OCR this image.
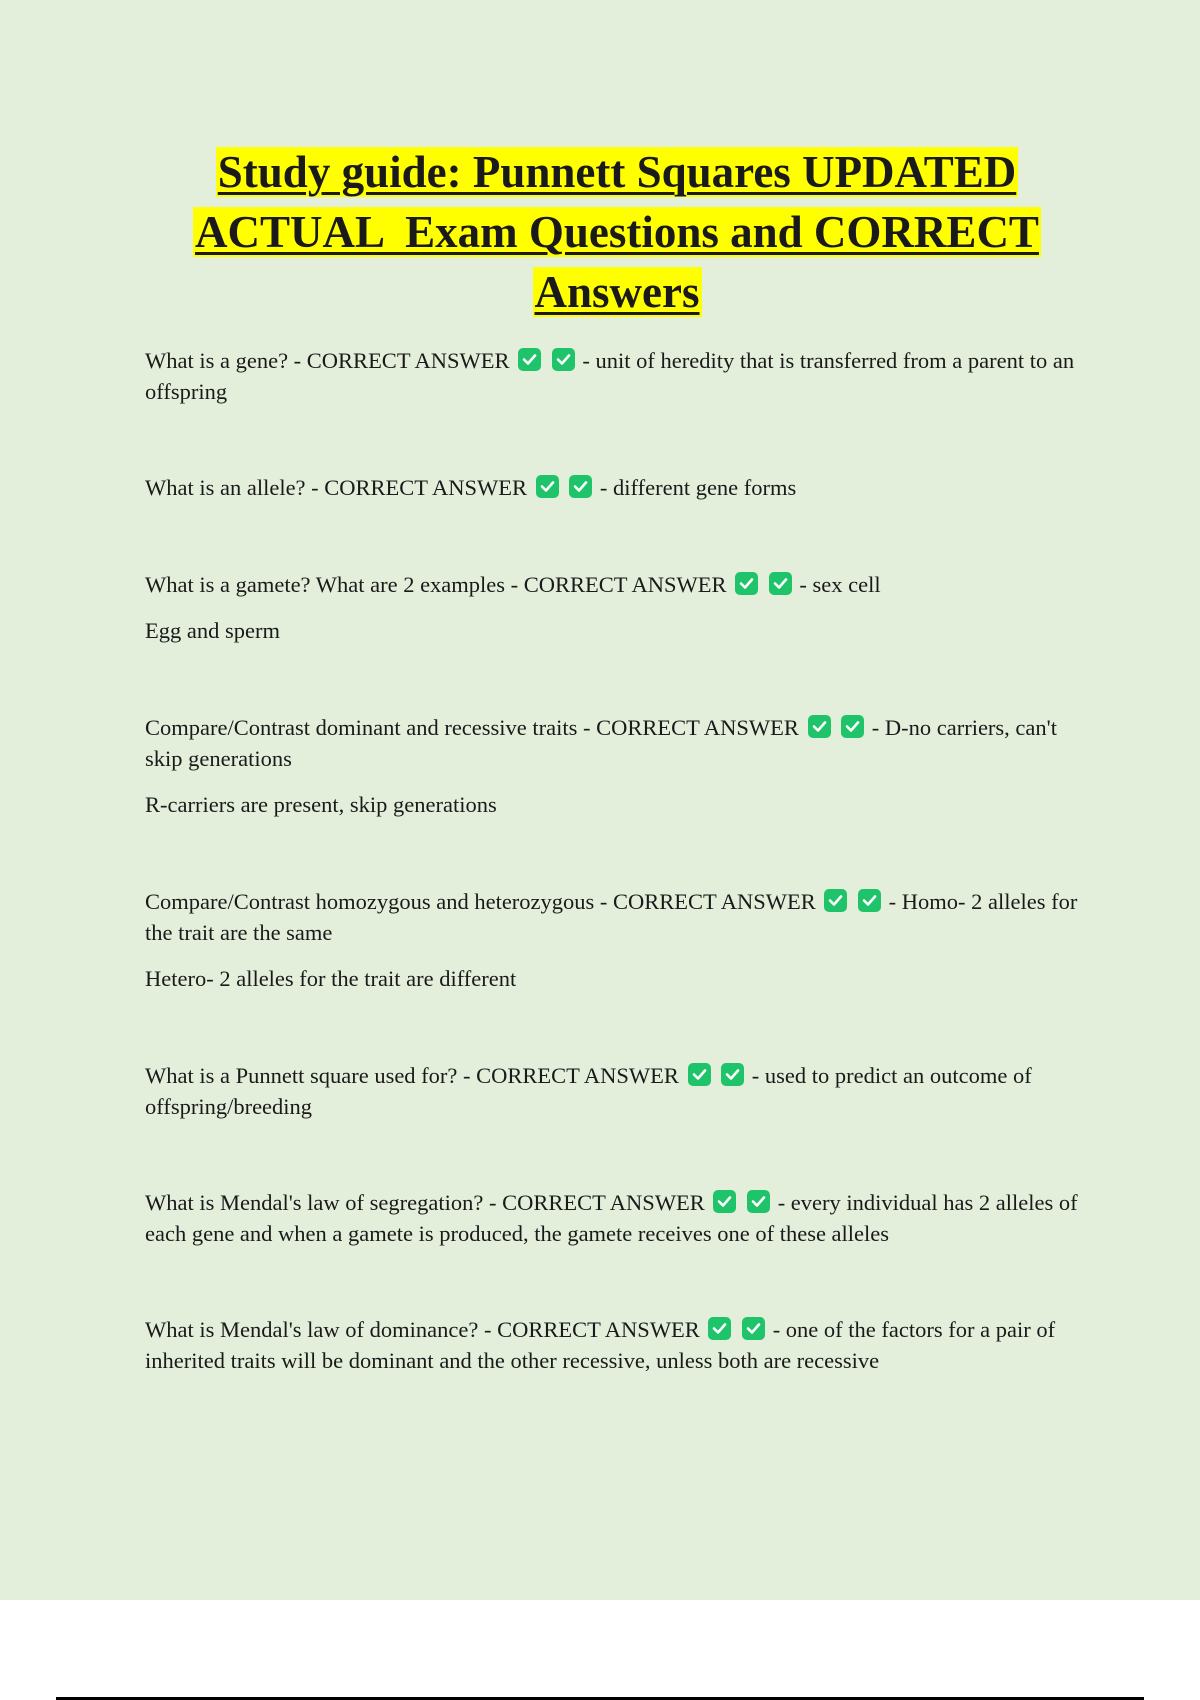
Study guide: Punnett Squares UPDATED
ACTUAL  Exam Questions and CORRECT
Answers

What is a gene? - CORRECT ANSWER
	- unit of heredity that is transferred from a parent to an offspring

What is an allele? - CORRECT ANSWER
	- different gene forms

What is a gamete? What are 2 examples - CORRECT ANSWER
	- sex cell

Egg and sperm

Compare/Contrast dominant and recessive traits - CORRECT ANSWER
	- D-no carriers, can't skip generations

R-carriers are present, skip generations

Compare/Contrast homozygous and heterozygous - CORRECT ANSWER
	- Homo- 2 alleles for the trait are the same

Hetero- 2 alleles for the trait are different

What is a Punnett square used for? - CORRECT ANSWER
	- used to predict an outcome of offspring/breeding

What is Mendal's law of segregation? - CORRECT ANSWER
	- every individual has 2 alleles of each gene and when a gamete is produced, the gamete receives one of these alleles

What is Mendal's law of dominance? - CORRECT ANSWER
	- one of the factors for a pair of inherited traits will be dominant and the other recessive, unless both are recessive
